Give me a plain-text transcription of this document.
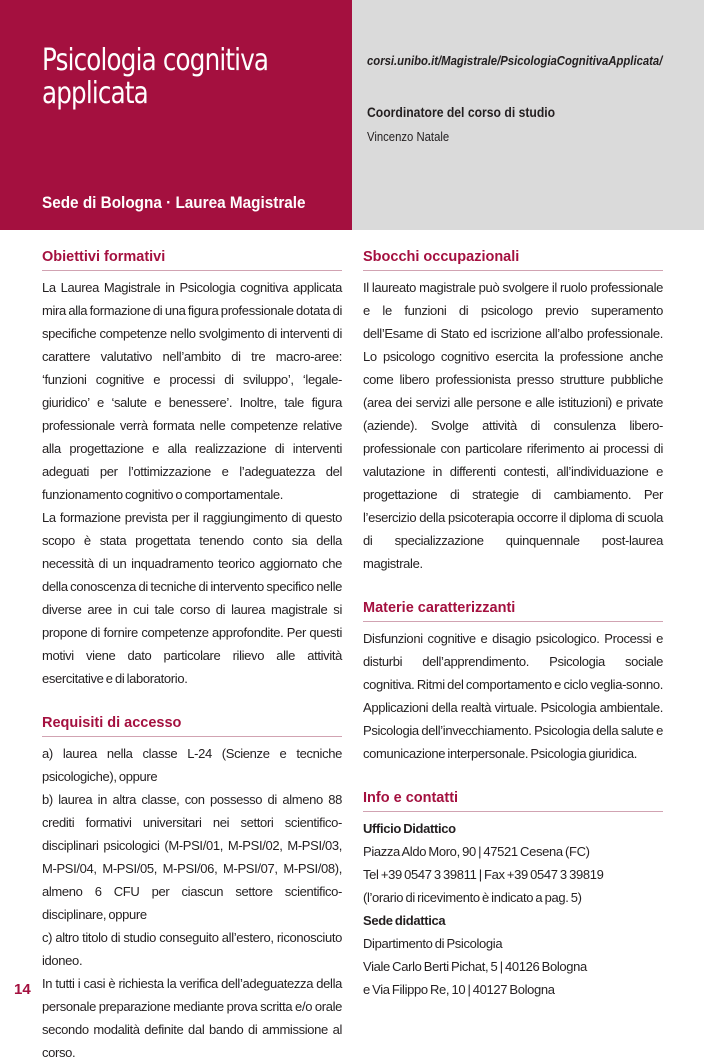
Psicologia cognitiva
applicata
Sede di Bologna · Laurea Magistrale
corsi.unibo.it/Magistrale/PsicologiaCognitivaApplicata/
Coordinatore del corso di studio
Vincenzo Natale
Obiettivi formativi

La Laurea Magistrale in Psicologia cognitiva applicata mira alla formazione di una figura professionale dotata di specifiche competenze nello svolgimento di interventi di carattere valutativo nell’ambito di tre macro-aree: ‘funzioni cognitive e processi di sviluppo’, ‘legale-giuridico’ e ‘salute e benessere’. Inoltre, tale figura professionale verrà formata nelle competenze relative alla progettazione e alla realizzazione di interventi adeguati per l’ottimizzazione e l’adeguatezza del funzionamento cognitivo o comportamentale.

La formazione prevista per il raggiungimento di questo scopo è stata progettata tenendo conto sia della necessità di un inquadramento teorico aggiornato che della conoscenza di tecniche di intervento specifico nelle diverse aree in cui tale corso di laurea magistrale si propone di fornire competenze approfondite. Per questi motivi viene dato particolare rilievo alle attività esercitative e di laboratorio.

Requisiti di accesso

a) laurea nella classe L-24 (Scienze e tecniche psicologiche), oppure

b) laurea in altra classe, con possesso di almeno 88 crediti formativi universitari nei settori scientifico-disciplinari psicologici (M-PSI/01, M-PSI/02, M-PSI/03, M-PSI/04, M-PSI/05, M-PSI/06, M-PSI/07, M-PSI/08), almeno 6 CFU per ciascun settore scientifico-disciplinare, oppure

c) altro titolo di studio conseguito all’estero, riconosciuto idoneo.

In tutti i casi è richiesta la verifica dell’adeguatezza della personale preparazione mediante prova scritta e/o orale secondo modalità definite dal bando di ammissione al corso.

Sbocchi occupazionali

Il laureato magistrale può svolgere il ruolo professionale e le funzioni di psicologo previo superamento dell’Esame di Stato ed iscrizione all’albo professionale. Lo psicologo cognitivo esercita la professione anche come libero professionista presso strutture pubbliche (area dei servizi alle persone e alle istituzioni) e private (aziende). Svolge attività di consulenza libero-professionale con particolare riferimento ai processi di valutazione in differenti contesti, all’individuazione e progettazione di strategie di cambiamento. Per l’esercizio della psicoterapia occorre il diploma di scuola di specializzazione quinquennale post-laurea magistrale.

Materie caratterizzanti

Disfunzioni cognitive e disagio psicologico. Processi e disturbi dell’apprendimento. Psicologia sociale cognitiva. Ritmi del comportamento e ciclo veglia-sonno. Applicazioni della realtà virtuale. Psicologia ambientale. Psicologia dell’invecchiamento. Psicologia della salute e comunicazione interpersonale. Psicologia giuridica.

Info e contatti
Ufficio Didattico
Piazza Aldo Moro, 90 | 47521 Cesena (FC)
Tel +39 0547 3 39811 | Fax +39 0547 3 39819
(l’orario di ricevimento è indicato a pag. 5)
Sede didattica
Dipartimento di Psicologia
Viale Carlo Berti Pichat, 5 | 40126 Bologna
e Via Filippo Re, 10 | 40127 Bologna
14
